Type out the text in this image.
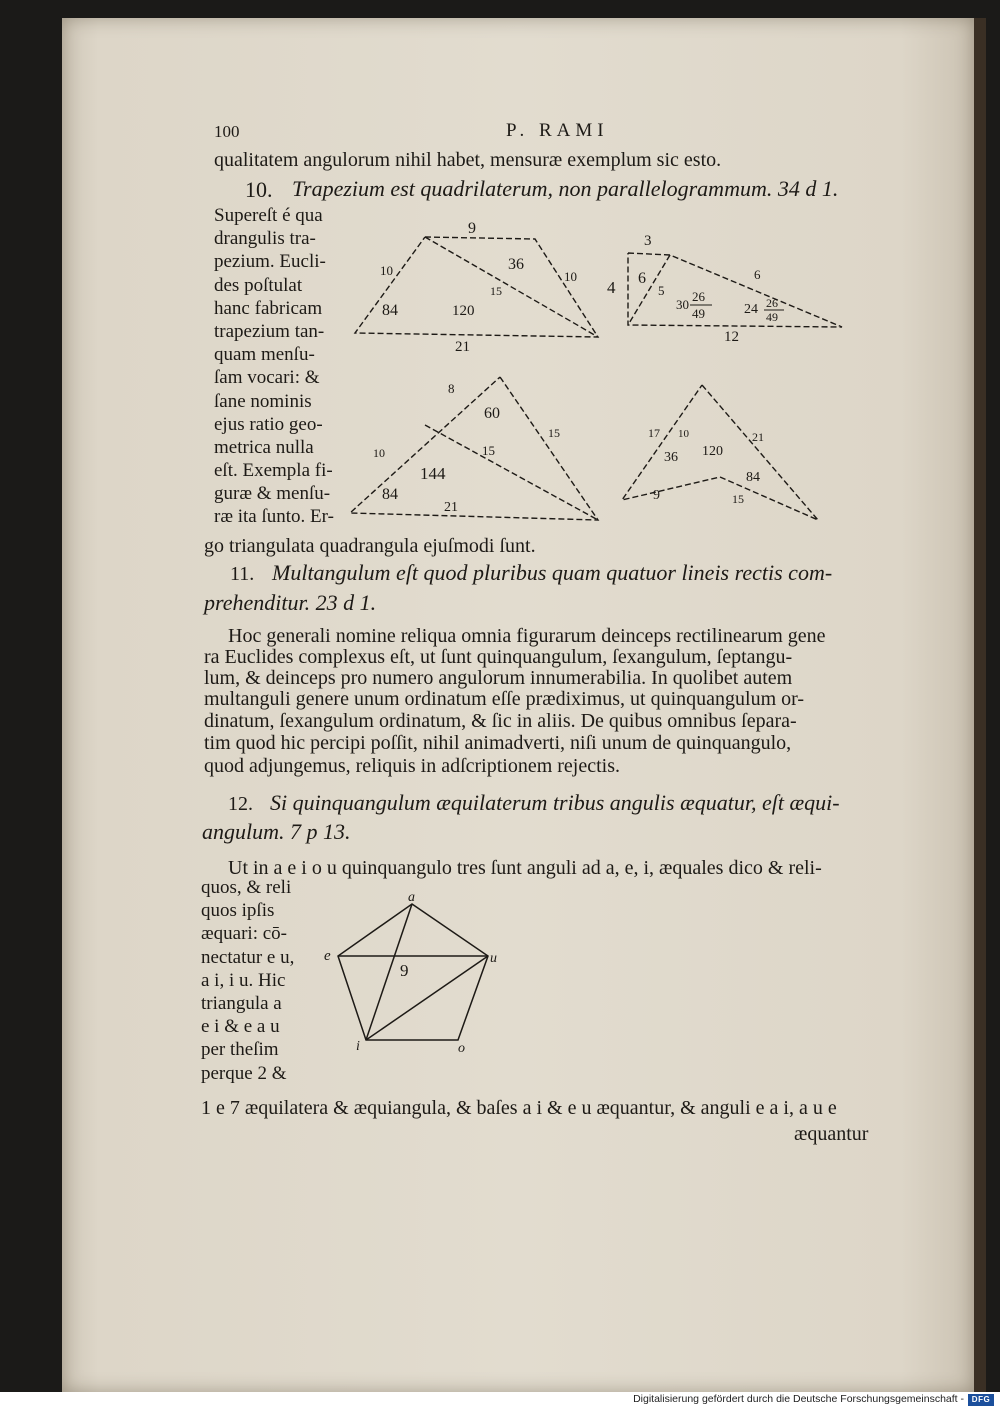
100	P. RAMI
qualitatem angulorum nihil habet, mensuræ exemplum sic esto.
10. Trapezium est quadrilaterum, non parallelogrammum. 34 d 1.
Supereſt é qua
drangulis tra-
pezium. Eucli-
des poſtulat
hanc fabricam
trapezium tan-
quam menſu-
ſam vocari: &
ſane nominis
ejus ratio geo-
metrica nulla
eſt. Exempla fi-
guræ & menſu-
ræ ita ſunto. Er-
9
10	36
10
84	120
15
21
3
4 6
5
6
30
26
49	24 26
49
12
8
60
15
10
144
15
84
21
17 10	21
36 120
84
9	15
go triangulata quadrangula ejuſmodi ſunt.
11. Multangulum eſt quod pluribus quam quatuor lineis rectis com-
prehenditur. 23 d 1.
Hoc generali nomine reliqua omnia figurarum deinceps rectilinearum gene
ra Euclides complexus eſt, ut ſunt quinquangulum, ſexangulum, ſeptangu-
lum, & deinceps pro numero angulorum innumerabilia. In quolibet autem
multanguli genere unum ordinatum eſſe prædiximus, ut quinquangulum or-
dinatum, ſexangulum ordinatum, & ſic in aliis. De quibus omnibus ſepara-
tim quod hic percipi poſſit, nihil animadverti, niſi unum de quinquangulo,
quod adjungemus, reliquis in adſcriptionem rejectis.
12. Si quinquangulum æquilaterum tribus angulis æquatur, eſt æqui-
angulum. 7 p 13.
Ut in a e i o u quinquangulo tres ſunt anguli ad a, e, i, æquales dico & reli-
quos, & reli
quos ipſis
æquari: cō-
nectatur e u,
a i, i u. Hic
triangula a
e i & e a u
per theſim
perque 2 &
a
e	u
i	o
9
1 e 7 æquilatera & æquiangula, & baſes a i & e u æquantur, & anguli e a i, a u e
æquantur
Digitalisierung gefördert durch die Deutsche Forschungsgemeinschaft - DFG
